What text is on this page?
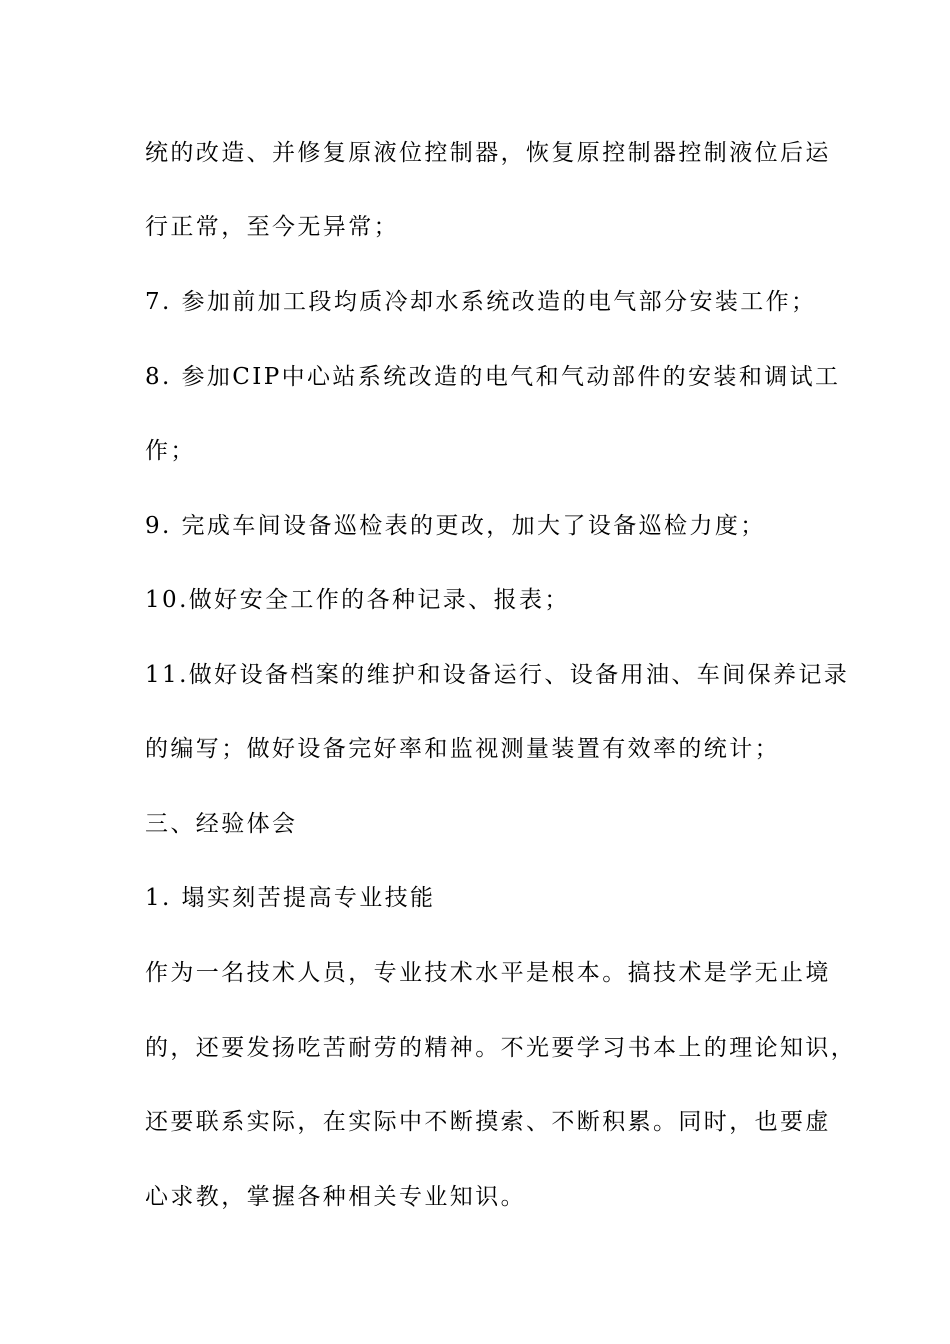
统的改造、并修复原液位控制器，恢复原控制器控制液位后运
行正常，至今无异常；
7. 参加前加工段均质冷却水系统改造的电气部分安装工作；
8. 参加CIP中心站系统改造的电气和气动部件的安装和调试工
作；
9. 完成车间设备巡检表的更改，加大了设备巡检力度；
10.做好安全工作的各种记录、报表；
11.做好设备档案的维护和设备运行、设备用油、车间保养记录
的编写；做好设备完好率和监视测量装置有效率的统计；
三、经验体会
1. 塌实刻苦提高专业技能
作为一名技术人员，专业技术水平是根本。搞技术是学无止境
的，还要发扬吃苦耐劳的精神。不光要学习书本上的理论知识，
还要联系实际，在实际中不断摸索、不断积累。同时，也要虚
心求教，掌握各种相关专业知识。
